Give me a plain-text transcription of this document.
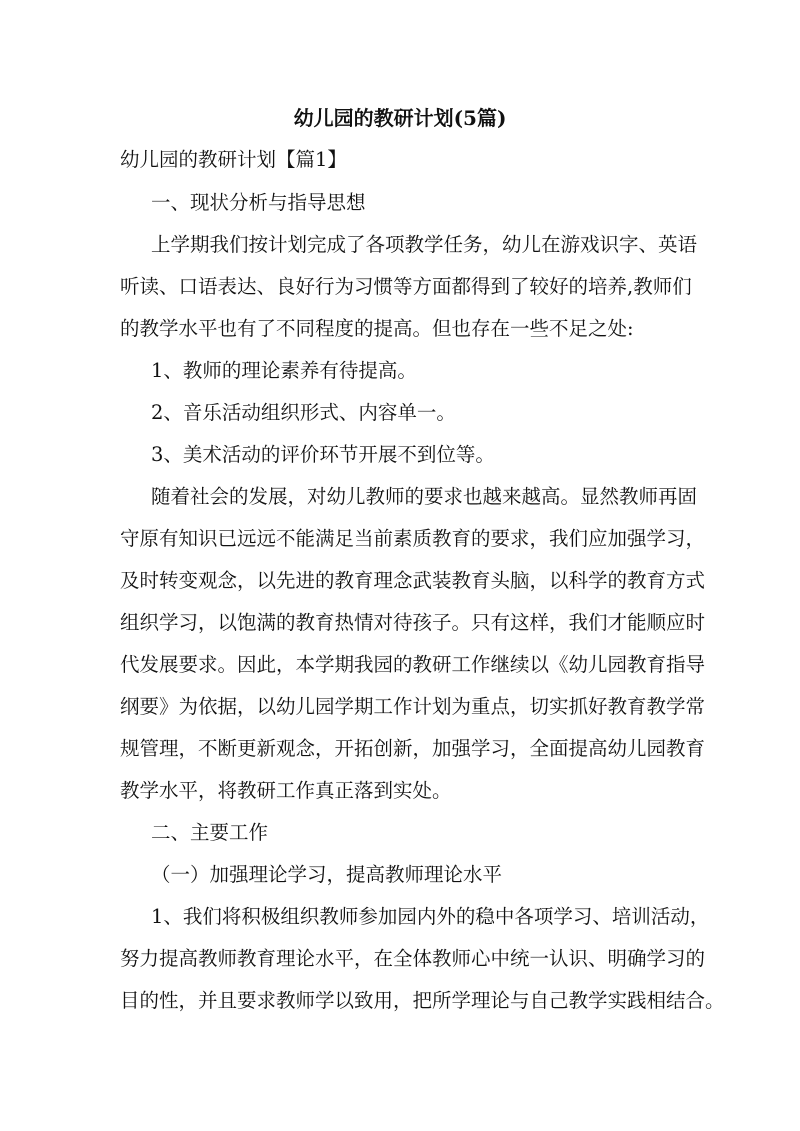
幼儿园的教研计划(5篇)
幼儿园的教研计划【篇1】
一、现状分析与指导思想
上学期我们按计划完成了各项教学任务，幼儿在游戏识字、英语
听读、口语表达、良好行为习惯等方面都得到了较好的培养,教师们
的教学水平也有了不同程度的提高。但也存在一些不足之处:
1、教师的理论素养有待提高。
2、音乐活动组织形式、内容单一。
3、美术活动的评价环节开展不到位等。
随着社会的发展，对幼儿教师的要求也越来越高。显然教师再固
守原有知识已远远不能满足当前素质教育的要求，我们应加强学习，
及时转变观念，以先进的教育理念武装教育头脑，以科学的教育方式
组织学习，以饱满的教育热情对待孩子。只有这样，我们才能顺应时
代发展要求。因此，本学期我园的教研工作继续以《幼儿园教育指导
纲要》为依据，以幼儿园学期工作计划为重点，切实抓好教育教学常
规管理，不断更新观念，开拓创新，加强学习，全面提高幼儿园教育
教学水平，将教研工作真正落到实处。
二、主要工作
（一）加强理论学习，提高教师理论水平
1、我们将积极组织教师参加园内外的稳中各项学习、培训活动，
努力提高教师教育理论水平，在全体教师心中统一认识、明确学习的
目的性，并且要求教师学以致用，把所学理论与自己教学实践相结合。
